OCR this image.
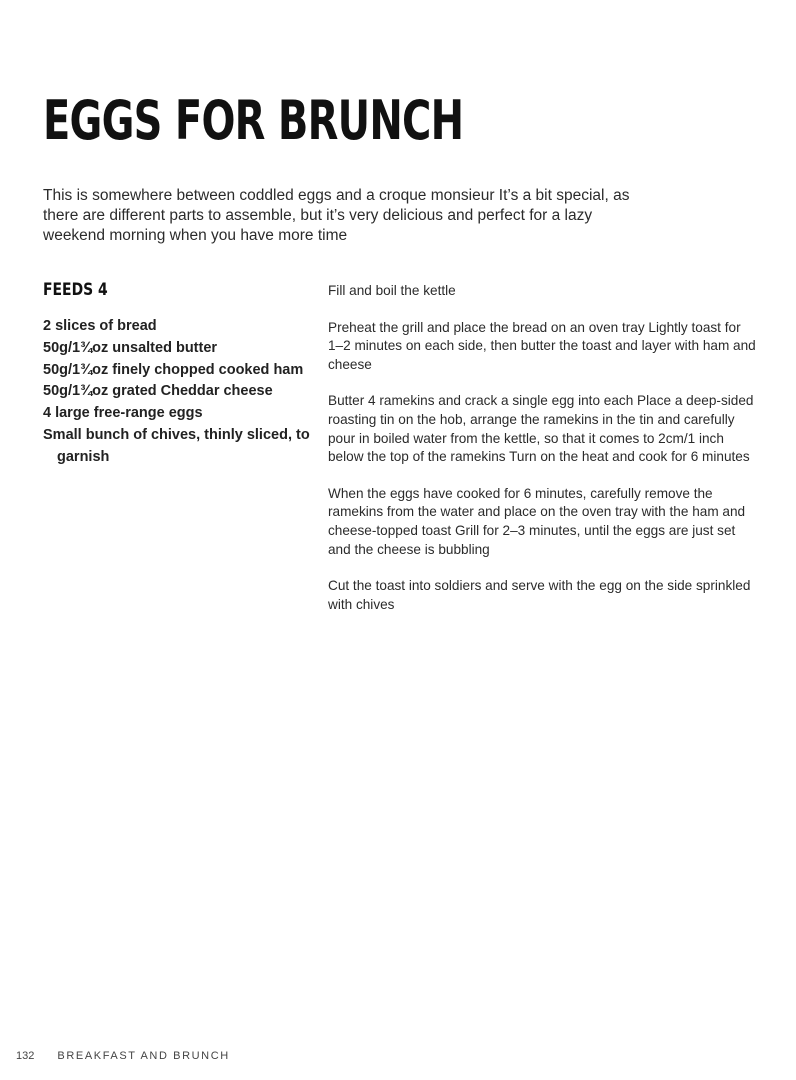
EGGS FOR BRUNCH

This is somewhere between coddled eggs and a croque monsieur It’s a bit special, as there are different parts to assemble, but it’s very delicious and perfect for a lazy weekend morning when you have more time

FEEDS 4
2 slices of bread
50g/1¾oz unsalted butter
50g/1¾oz finely chopped cooked ham
50g/1¾oz grated Cheddar cheese
4 large free-range eggs
Small bunch of chives, thinly sliced, to garnish

Fill and boil the kettle

Preheat the grill and place the bread on an oven tray Lightly toast for 1–2 minutes on each side, then butter the toast and layer with ham and cheese

Butter 4 ramekins and crack a single egg into each Place a deep-sided roasting tin on the hob, arrange the ramekins in the tin and carefully pour in boiled water from the kettle, so that it comes to 2cm/1 inch below the top of the ramekins Turn on the heat and cook for 6 minutes

When the eggs have cooked for 6 minutes, carefully remove the ramekins from the water and place on the oven tray with the ham and cheese-topped toast Grill for 2–3 minutes, until the eggs are just set and the cheese is bubbling

Cut the toast into soldiers and serve with the egg on the side sprinkled with chives

132 BREAKFAST AND BRUNCH
